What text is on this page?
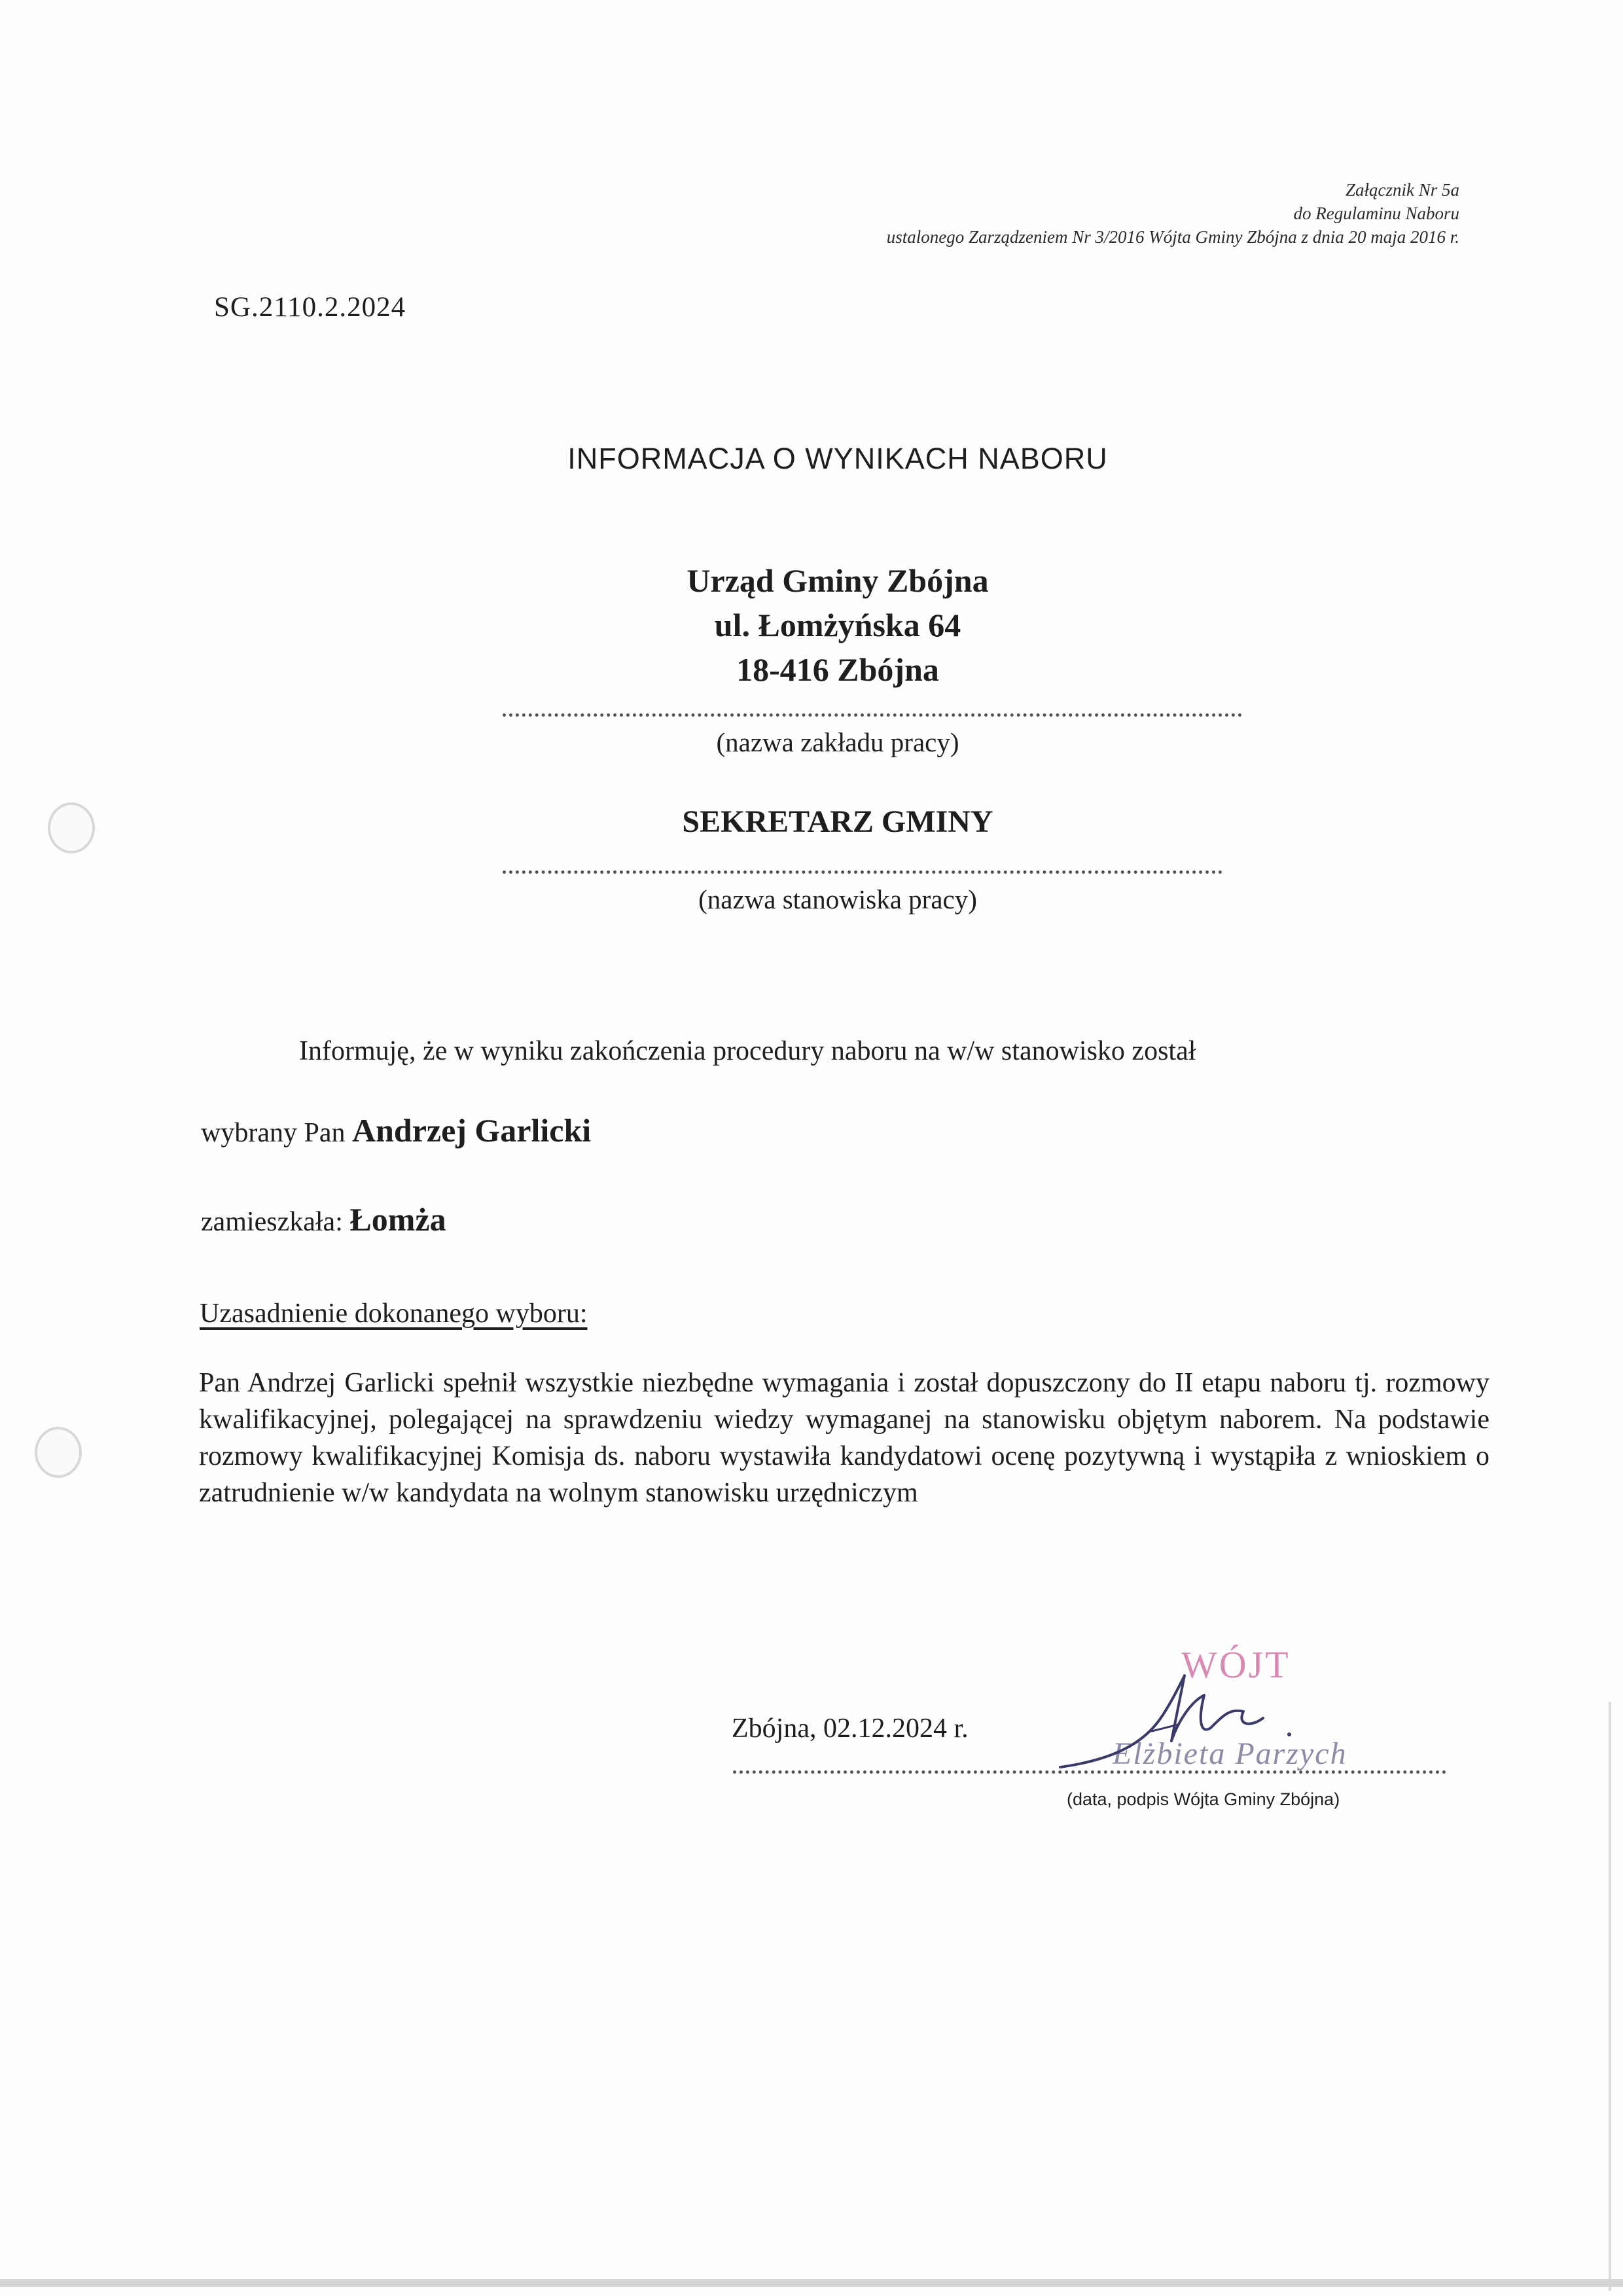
Załącznik Nr 5a
do Regulaminu Naboru
ustalonego Zarządzeniem Nr 3/2016 Wójta Gminy Zbójna z dnia 20 maja 2016 r.
SG.2110.2.2024
INFORMACJA O WYNIKACH NABORU
Urząd Gminy Zbójna
ul. Łomżyńska 64
18-416 Zbójna
(nazwa zakładu pracy)
SEKRETARZ GMINY
(nazwa stanowiska pracy)
Informuję, że w wyniku zakończenia procedury naboru na w/w stanowisko został
wybrany Pan Andrzej Garlicki
zamieszkała: Łomża
Uzasadnienie dokonanego wyboru:
Pan Andrzej Garlicki spełnił wszystkie niezbędne wymagania i został dopuszczony do II etapu naboru tj. rozmowy kwalifikacyjnej, polegającej na sprawdzeniu wiedzy wymaganej na stanowisku objętym naborem. Na podstawie rozmowy kwalifikacyjnej Komisja ds. naboru wystawiła kandydatowi ocenę pozytywną i wystąpiła z wnioskiem o zatrudnienie w/w kandydata na wolnym stanowisku urzędniczym
Zbójna, 02.12.2024 r.
(data, podpis Wójta Gminy Zbójna)
WÓJT
Elżbieta Parzych
